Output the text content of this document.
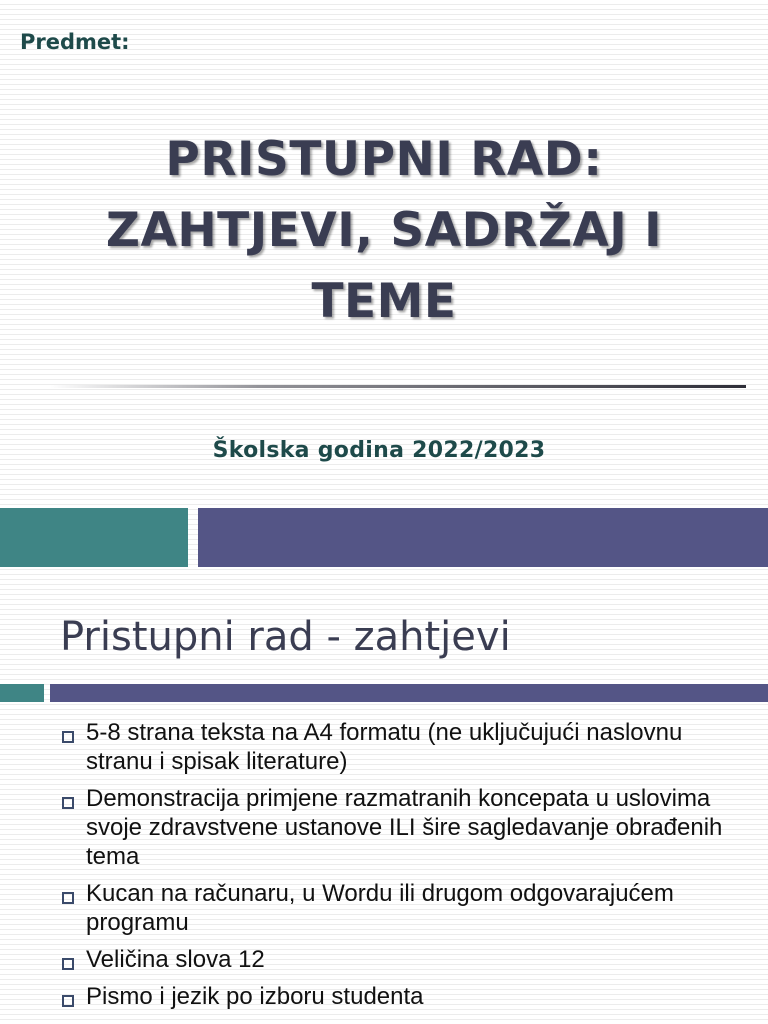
Predmet:
PRISTUPNI RAD:
ZAHTJEVI, SADRŽAJ I
TEME
Školska godina 2022/2023
Pristupni rad - zahtjevi
5-8 strana teksta na A4 formatu (ne uključujući naslovnu stranu i spisak literature)
Demonstracija primjene razmatranih koncepata u uslovima svoje zdravstvene ustanove ILI šire sagledavanje obrađenih tema
Kucan na računaru, u Wordu ili drugom odgovarajućem programu
Veličina slova 12
Pismo i jezik po izboru studenta
